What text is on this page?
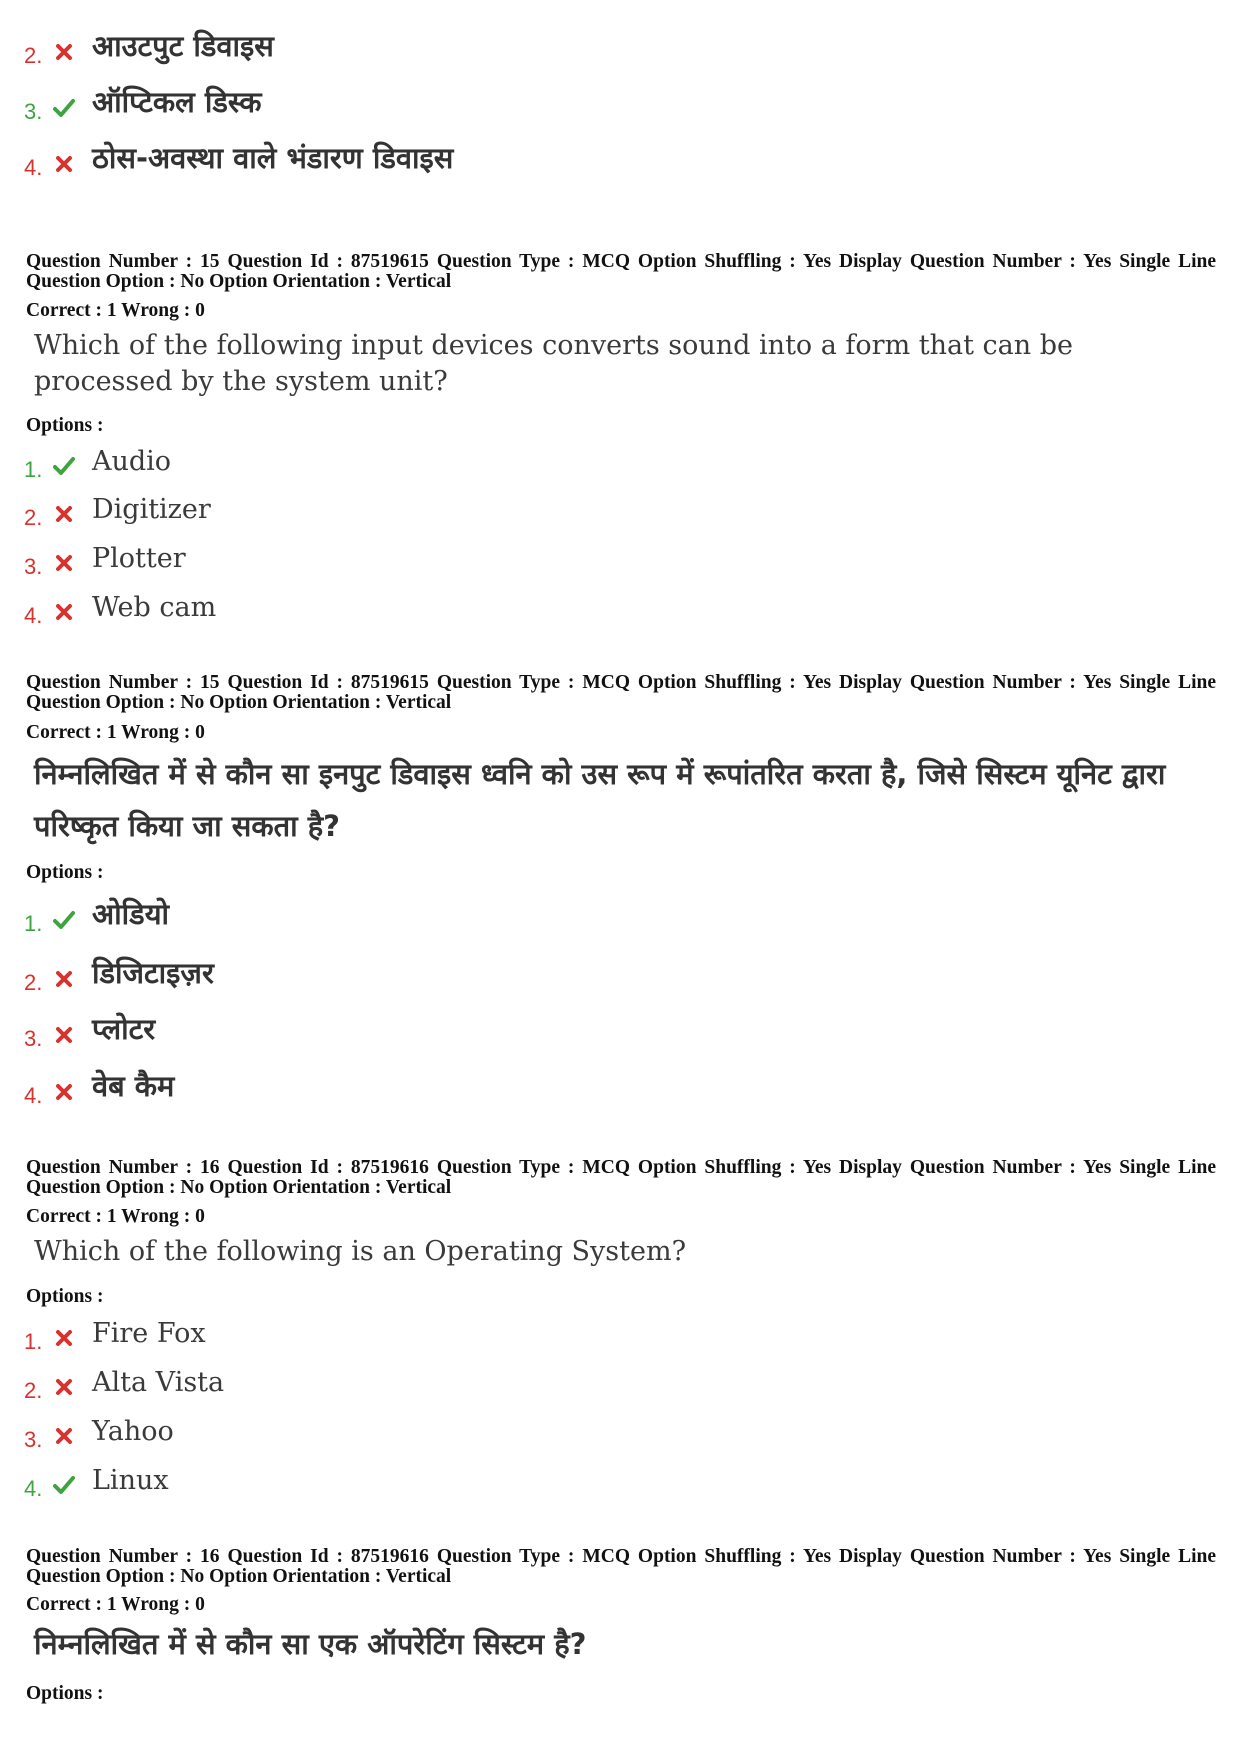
2. आउटपुट डिवाइस
3. ऑप्टिकल डिस्क
4. ठोस-अवस्था वाले भंडारण डिवाइस
Question Number : 15 Question Id : 87519615 Question Type : MCQ Option Shuffling : Yes Display Question Number : Yes Single Line Question Option : No Option Orientation : Vertical
Correct : 1 Wrong : 0
Which of the following input devices converts sound into a form that can be processed by the system unit?
Options :
1. Audio
2. Digitizer
3. Plotter
4. Web cam
Question Number : 15 Question Id : 87519615 Question Type : MCQ Option Shuffling : Yes Display Question Number : Yes Single Line Question Option : No Option Orientation : Vertical
Correct : 1 Wrong : 0
निम्नलिखित में से कौन सा इनपुट डिवाइस ध्वनि को उस रूप में रूपांतरित करता है, जिसे सिस्टम यूनिट द्वारा परिष्कृत किया जा सकता है?
Options :
1. ओडियो
2. डिजिटाइज़र
3. प्लोटर
4. वेब कैम
Question Number : 16 Question Id : 87519616 Question Type : MCQ Option Shuffling : Yes Display Question Number : Yes Single Line Question Option : No Option Orientation : Vertical
Correct : 1 Wrong : 0
Which of the following is an Operating System?
Options :
1. Fire Fox
2. Alta Vista
3. Yahoo
4. Linux
Question Number : 16 Question Id : 87519616 Question Type : MCQ Option Shuffling : Yes Display Question Number : Yes Single Line Question Option : No Option Orientation : Vertical
Correct : 1 Wrong : 0
निम्नलिखित में से कौन सा एक ऑपरेटिंग सिस्टम है?
Options :
